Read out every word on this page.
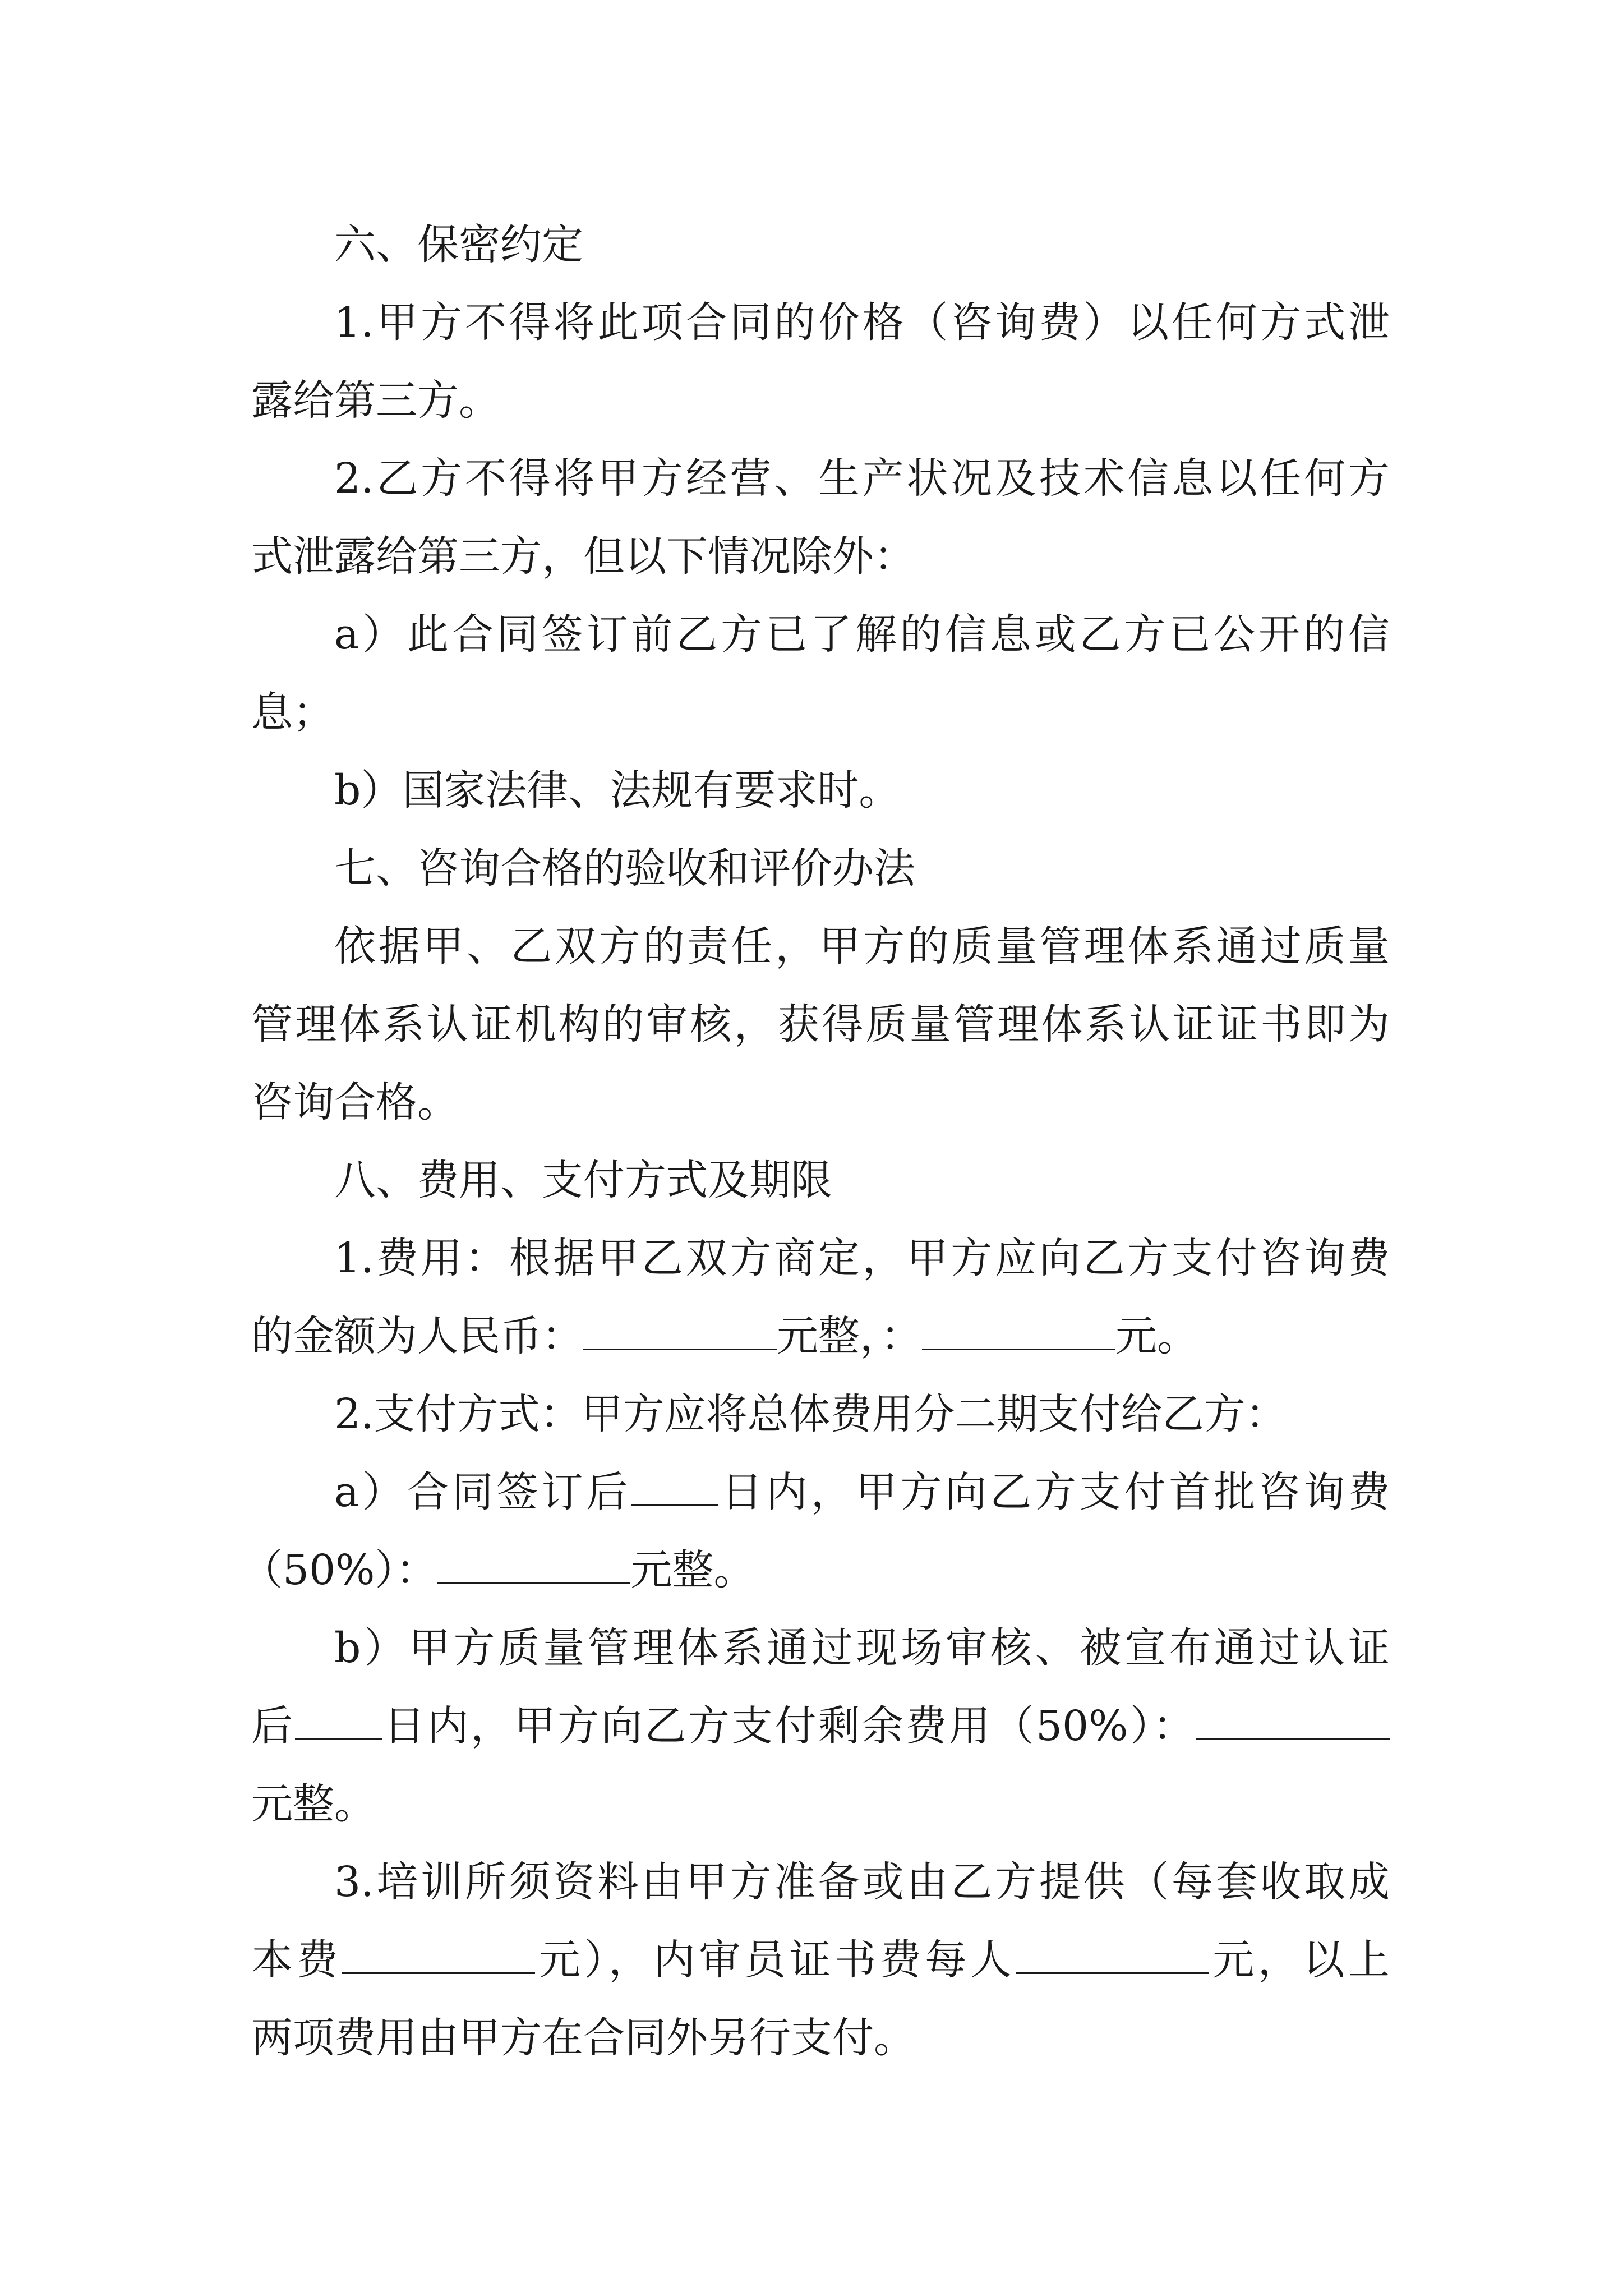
六、保密约定

1.甲方不得将此项合同的价格（咨询费）以任何方式泄

露给第三方。

2.乙方不得将甲方经营、生产状况及技术信息以任何方

式泄露给第三方，但以下情况除外：

a）此合同签订前乙方已了解的信息或乙方已公开的信

息；

b）国家法律、法规有要求时。

七、咨询合格的验收和评价办法

依据甲、乙双方的责任，甲方的质量管理体系通过质量

管理体系认证机构的审核，获得质量管理体系认证证书即为

咨询合格。

八、费用、支付方式及期限

1.费用：根据甲乙双方商定，甲方应向乙方支付咨询费

的金额为人民币：	元整，：	元。

2.支付方式：甲方应将总体费用分二期支付给乙方：

a）合同签订后 日内，甲方向乙方支付首批咨询费

（50%）：	元整。

b）甲方质量管理体系通过现场审核、被宣布通过认证

后 日内，甲方向乙方支付剩余费用（50%）：

元整。

3.培训所须资料由甲方准备或由乙方提供（每套收取成

本费	元），内审员证书费每人	元，以上

两项费用由甲方在合同外另行支付。
